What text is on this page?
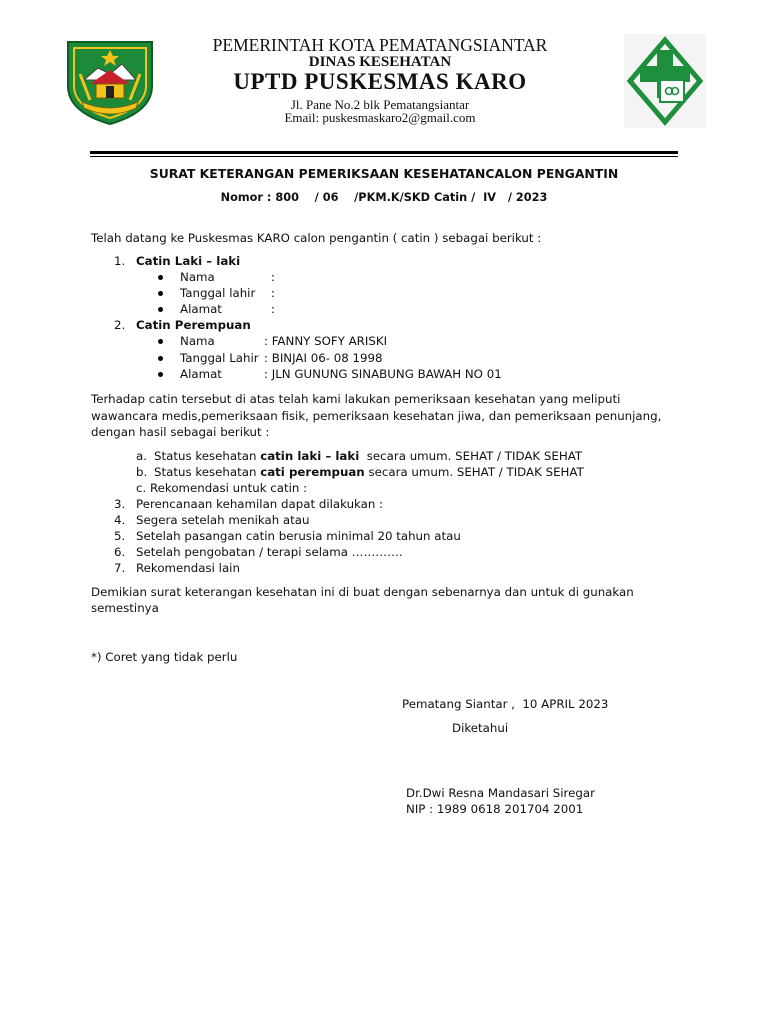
PEMERINTAH KOTA PEMATANGSIANTAR
DINAS KESEHATAN
UPTD PUSKESMAS KARO
Jl. Pane No.2 blk Pematangsiantar
Email: puskesmaskaro2@gmail.com
SURAT KETERANGAN PEMERIKSAAN KESEHATANCALON PENGANTIN
Nomor : 800    / 06    /PKM.K/SKD Catin /  IV   / 2023
Telah datang ke Puskesmas KARO calon pengantin ( catin ) sebagai berikut :
1. Catin Laki – laki
Nama	:
Tanggal lahir :
Alamat	:
2. Catin Perempuan
Nama	: FANNY SOFY ARISKI
Tanggal Lahir : BINJAI 06- 08 1998
Alamat	: JLN GUNUNG SINABUNG BAWAH NO 01
Terhadap catin tersebut di atas telah kami lakukan pemeriksaan kesehatan yang meliputi
wawancara medis,pemeriksaan fisik, pemeriksaan kesehatan jiwa, dan pemeriksaan penunjang,
dengan hasil sebagai berikut :
a. Status kesehatan catin laki – laki  secara umum. SEHAT / TIDAK SEHAT
b. Status kesehatan cati perempuan secara umum. SEHAT / TIDAK SEHAT
c. Rekomendasi untuk catin :
3. Perencanaan kehamilan dapat dilakukan :
4. Segera setelah menikah atau
5. Setelah pasangan catin berusia minimal 20 tahun atau
6. Setelah pengobatan / terapi selama ………….
7. Rekomendasi lain
Demikian surat keterangan kesehatan ini di buat dengan sebenarnya dan untuk di gunakan
semestinya
*) Coret yang tidak perlu
Pematang Siantar ,  10 APRIL 2023
Diketahui
Dr.Dwi Resna Mandasari Siregar
NIP : 1989 0618 201704 2001
